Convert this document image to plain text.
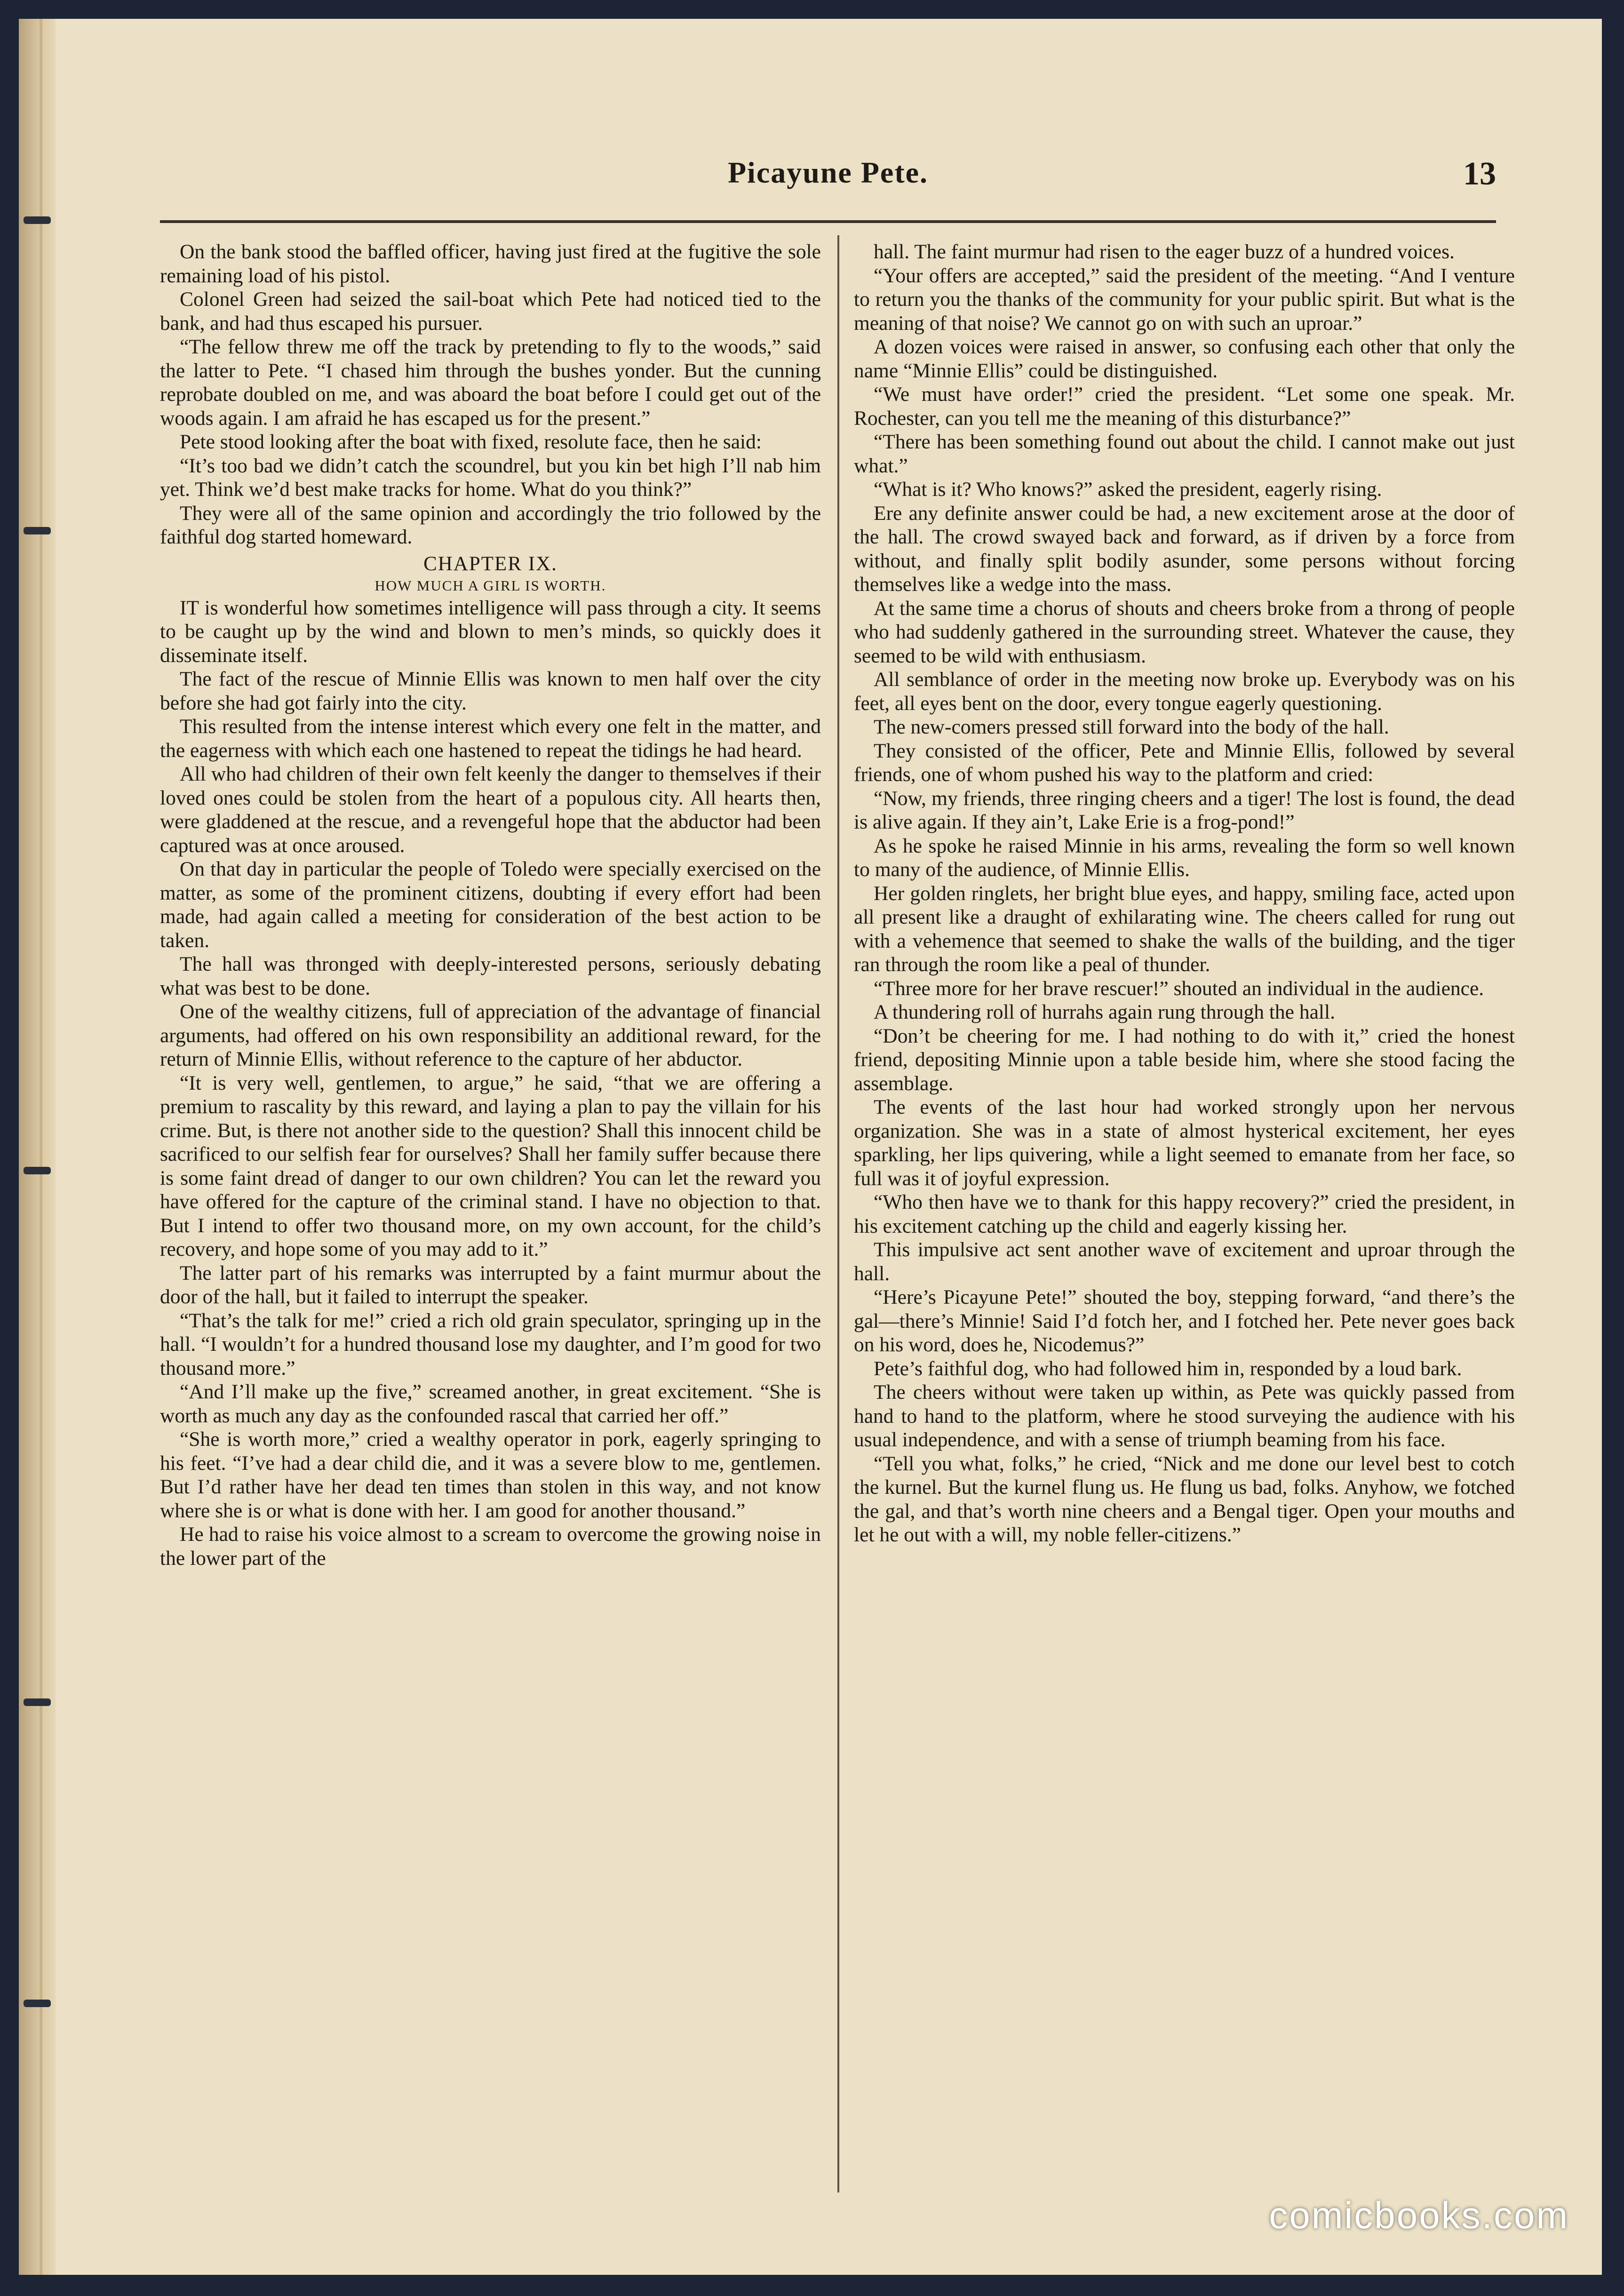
Picayune Pete.	13

On the bank stood the baffled officer, having just fired at the fugitive the sole remaining load of his pistol.

Colonel Green had seized the sail-boat which Pete had noticed tied to the bank, and had thus escaped his pursuer.

“The fellow threw me off the track by pretending to fly to the woods,” said the latter to Pete. “I chased him through the bushes yonder. But the cunning reprobate doubled on me, and was aboard the boat before I could get out of the woods again. I am afraid he has escaped us for the present.”

Pete stood looking after the boat with fixed, resolute face, then he said:

“It’s too bad we didn’t catch the scoundrel, but you kin bet high I’ll nab him yet. Think we’d best make tracks for home. What do you think?”

They were all of the same opinion and accordingly the trio followed by the faithful dog started homeward.

CHAPTER IX.
HOW MUCH A GIRL IS WORTH.

IT is wonderful how sometimes intelligence will pass through a city. It seems to be caught up by the wind and blown to men’s minds, so quickly does it disseminate itself.

The fact of the rescue of Minnie Ellis was known to men half over the city before she had got fairly into the city.

This resulted from the intense interest which every one felt in the matter, and the eagerness with which each one hastened to repeat the tidings he had heard.

All who had children of their own felt keenly the danger to themselves if their loved ones could be stolen from the heart of a populous city. All hearts then, were gladdened at the rescue, and a revengeful hope that the abductor had been captured was at once aroused.

On that day in particular the people of Toledo were specially exercised on the matter, as some of the prominent citizens, doubting if every effort had been made, had again called a meeting for consideration of the best action to be taken.

The hall was thronged with deeply-interested persons, seriously debating what was best to be done.

One of the wealthy citizens, full of appreciation of the advantage of financial arguments, had offered on his own responsibility an additional reward, for the return of Minnie Ellis, without reference to the capture of her abductor.

“It is very well, gentlemen, to argue,” he said, “that we are offering a premium to rascality by this reward, and laying a plan to pay the villain for his crime. But, is there not another side to the question? Shall this innocent child be sacrificed to our selfish fear for ourselves? Shall her family suffer because there is some faint dread of danger to our own children? You can let the reward you have offered for the capture of the criminal stand. I have no objection to that. But I intend to offer two thousand more, on my own account, for the child’s recovery, and hope some of you may add to it.”

The latter part of his remarks was interrupted by a faint murmur about the door of the hall, but it failed to interrupt the speaker.

“That’s the talk for me!” cried a rich old grain speculator, springing up in the hall. “I wouldn’t for a hundred thousand lose my daughter, and I’m good for two thousand more.”

“And I’ll make up the five,” screamed another, in great excitement. “She is worth as much any day as the confounded rascal that carried her off.”

“She is worth more,” cried a wealthy operator in pork, eagerly springing to his feet. “I’ve had a dear child die, and it was a severe blow to me, gentlemen. But I’d rather have her dead ten times than stolen in this way, and not know where she is or what is done with her. I am good for another thousand.”

He had to raise his voice almost to a scream to overcome the growing noise in the lower part of the

hall. The faint murmur had risen to the eager buzz of a hundred voices.

“Your offers are accepted,” said the president of the meeting. “And I venture to return you the thanks of the community for your public spirit. But what is the meaning of that noise? We cannot go on with such an uproar.”

A dozen voices were raised in answer, so confusing each other that only the name “Minnie Ellis” could be distinguished.

“We must have order!” cried the president. “Let some one speak. Mr. Rochester, can you tell me the meaning of this disturbance?”

“There has been something found out about the child. I cannot make out just what.”

“What is it? Who knows?” asked the president, eagerly rising.

Ere any definite answer could be had, a new excitement arose at the door of the hall. The crowd swayed back and forward, as if driven by a force from without, and finally split bodily asunder, some persons without forcing themselves like a wedge into the mass.

At the same time a chorus of shouts and cheers broke from a throng of people who had suddenly gathered in the surrounding street. Whatever the cause, they seemed to be wild with enthusiasm.

All semblance of order in the meeting now broke up. Everybody was on his feet, all eyes bent on the door, every tongue eagerly questioning.

The new-comers pressed still forward into the body of the hall.

They consisted of the officer, Pete and Minnie Ellis, followed by several friends, one of whom pushed his way to the platform and cried:

“Now, my friends, three ringing cheers and a tiger! The lost is found, the dead is alive again. If they ain’t, Lake Erie is a frog-pond!”

As he spoke he raised Minnie in his arms, revealing the form so well known to many of the audience, of Minnie Ellis.

Her golden ringlets, her bright blue eyes, and happy, smiling face, acted upon all present like a draught of exhilarating wine. The cheers called for rung out with a vehemence that seemed to shake the walls of the building, and the tiger ran through the room like a peal of thunder.

“Three more for her brave rescuer!” shouted an individual in the audience.

A thundering roll of hurrahs again rung through the hall.

“Don’t be cheering for me. I had nothing to do with it,” cried the honest friend, depositing Minnie upon a table beside him, where she stood facing the assemblage.

The events of the last hour had worked strongly upon her nervous organization. She was in a state of almost hysterical excitement, her eyes sparkling, her lips quivering, while a light seemed to emanate from her face, so full was it of joyful expression.

“Who then have we to thank for this happy recovery?” cried the president, in his excitement catching up the child and eagerly kissing her.

This impulsive act sent another wave of excitement and uproar through the hall.

“Here’s Picayune Pete!” shouted the boy, stepping forward, “and there’s the gal—there’s Minnie! Said I’d fotch her, and I fotched her. Pete never goes back on his word, does he, Nicodemus?”

Pete’s faithful dog, who had followed him in, responded by a loud bark.

The cheers without were taken up within, as Pete was quickly passed from hand to hand to the platform, where he stood surveying the audience with his usual independence, and with a sense of triumph beaming from his face.

“Tell you what, folks,” he cried, “Nick and me done our level best to cotch the kurnel. But the kurnel flung us. He flung us bad, folks. Anyhow, we fotched the gal, and that’s worth nine cheers and a Bengal tiger. Open your mouths and let he out with a will, my noble feller-citizens.”

comicbooks.com
